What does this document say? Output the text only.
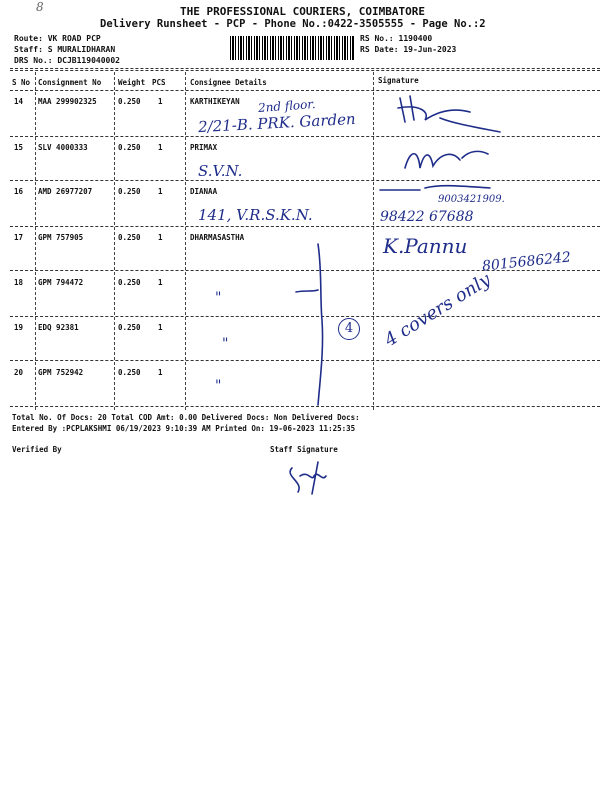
8	THE PROFESSIONAL COURIERS, COIMBATORE
Delivery Runsheet - PCP - Phone No.:0422-3505555 - Page No.:2
Route: VK ROAD PCP
Staff: S MURALIDHARAN
DRS No.: DCJB119040002
RS No.: 1190400
RS Date: 19-Jun-2023
S No Consignment No Weight PCS	Consignee Details	Signature
14 MAA 299902325	0.250 1	KARTHIKEYAN
15 SLV 4000333	0.250 1	PRIMAX
16 AMD 26977207	0.250 1	DIANAA
17 GPM 757905	0.250 1	DHARMASASTHA
18 GPM 794472	0.250 1
19 EDQ 92381	0.250 1
20 GPM 752942	0.250 1
2nd floor.
2/21-B. PRK. Garden
S.V.N.
141, V.R.S.K.N.
9003421909.
98422 67688
K.Pannu
8015686242
"
"
"
4	4 covers only
Total No. Of Docs: 20 Total COD Amt: 0.00 Delivered Docs: Non Delivered Docs:
Entered By :PCPLAKSHMI 06/19/2023 9:10:39 AM Printed On: 19-06-2023 11:25:35
Verified By	Staff Signature
